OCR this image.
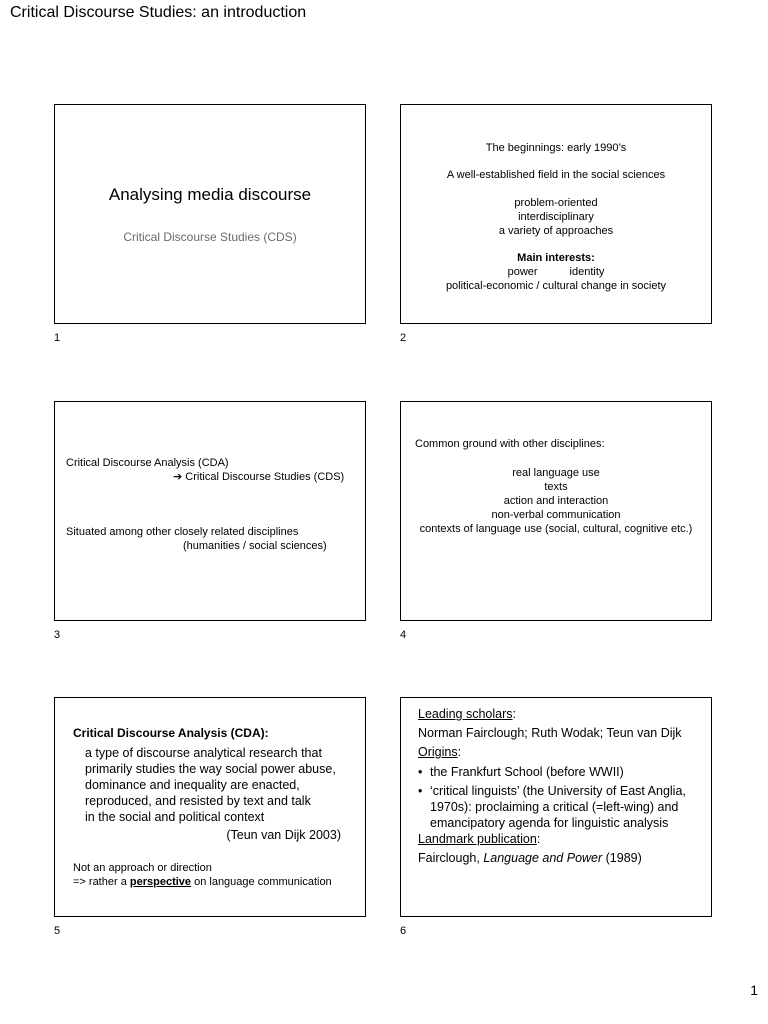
Critical Discourse Studies: an introduction
Analysing media discourse
Critical Discourse Studies (CDS)
1
The beginnings: early 1990’s
A well-established field in the social sciences
problem-oriented
interdisciplinary
a variety of approaches
Main interests:
power	identity
political-economic / cultural change in society
2
Critical Discourse Analysis (CDA)
➔ Critical Discourse Studies (CDS)
Situated among other closely related disciplines
(humanities / social sciences)
3
Common ground with other disciplines:
real language use
texts
action and interaction
non-verbal communication
contexts of language use (social, cultural, cognitive etc.)
4
Critical Discourse Analysis (CDA):
a type of discourse analytical research that
primarily studies the way social power abuse,
dominance and inequality are enacted,
reproduced, and resisted by text and talk
in the social and political context
(Teun van Dijk 2003)
Not an approach or direction
=> rather a perspective on language communication
5
Leading scholars:
Norman Fairclough; Ruth Wodak; Teun van Dijk
Origins:
• the Frankfurt School (before WWII)
• ‘critical linguists’ (the University of East Anglia, 1970s): proclaiming a critical (=left-wing) and emancipatory agenda for linguistic analysis
Landmark publication:
Fairclough, Language and Power (1989)
6
1
